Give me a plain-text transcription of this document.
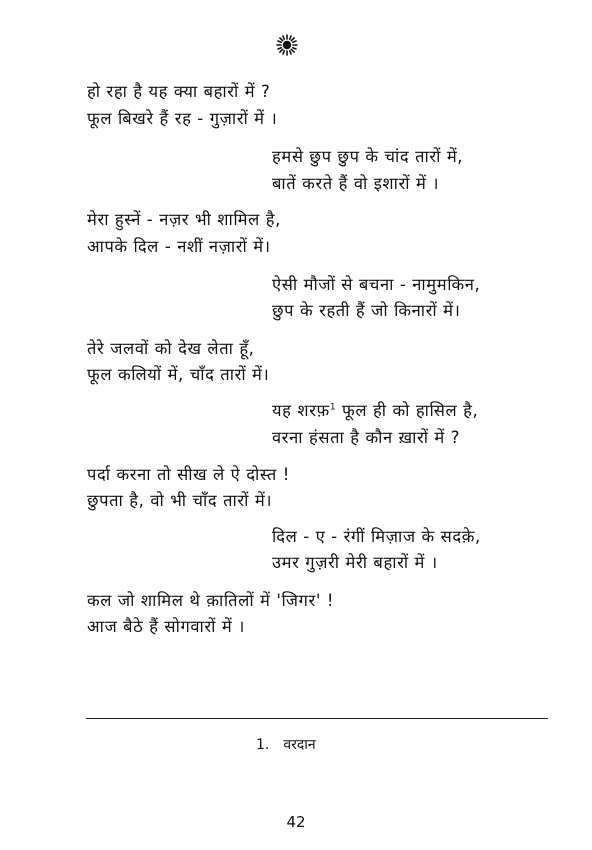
हो रहा है यह क्या बहारों में ?
फूल बिखरे हैं रह - गुज़ारों में ।
हमसे छुप छुप के चांद तारों में,
बातें करते हैं वो इशारों में ।
मेरा हुस्नें - नज़र भी शामिल है,
आपके दिल - नशीं नज़ारों में।
ऐसी मौजों से बचना - नामुमकिन,
छुप के रहती हैं जो किनारों में।
तेरे जलवों को देख लेता हूँ,
फूल कलियों में, चाँद तारों में।
यह शरफ़$^1$ फूल ही को हासिल है,
वरना हंसता है कौन ख़ारों में ?
पर्दा करना तो सीख ले ऐ दोस्त !
छुपता है, वो भी चाँद तारों में।
दिल - ए - रंगीं मिज़ाज के सदक़े,
उमर गुज़री मेरी बहारों में ।
कल जो शामिल थे क़ातिलों में 'जिगर' !
आज बैठे हैं सोगवारों में ।
1. वरदान
42
